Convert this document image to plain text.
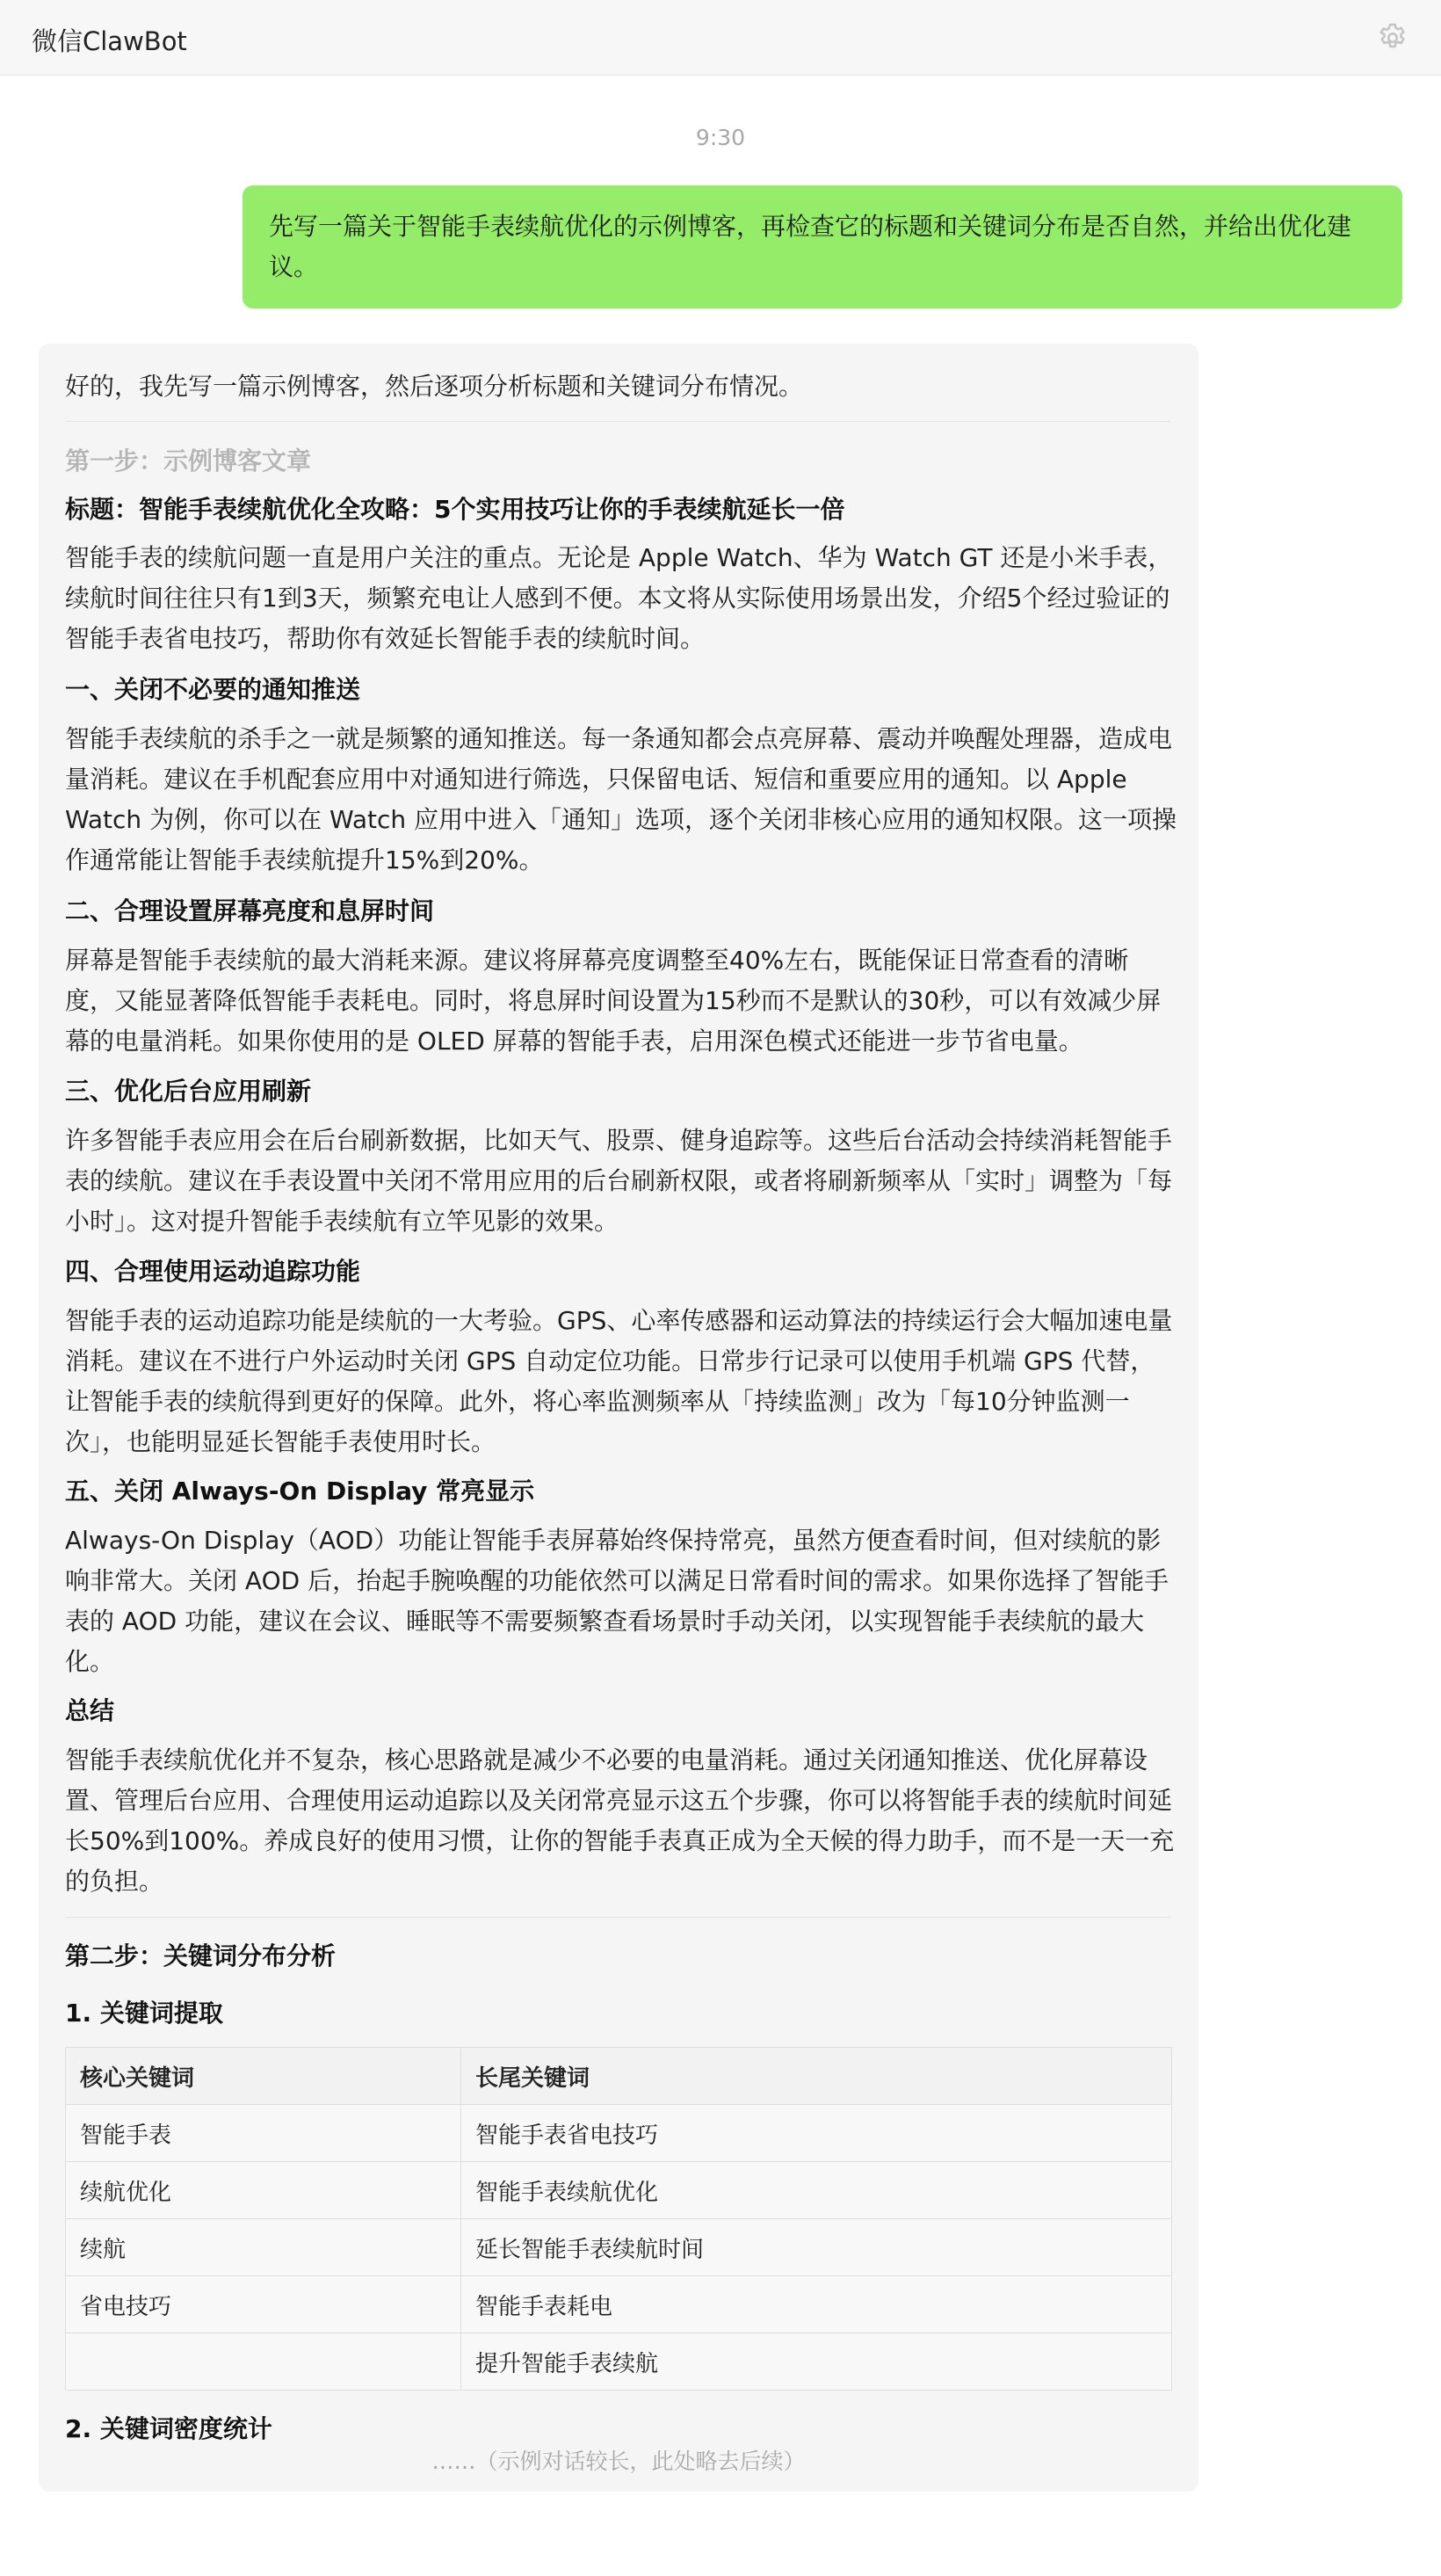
微信ClawBot
9:30
先写一篇关于智能手表续航优化的示例博客，再检查它的标题和关键词分布是否自然，并给出优化建
议。
好的，我先写一篇示例博客，然后逐项分析标题和关键词分布情况。
第一步：示例博客文章
标题：智能手表续航优化全攻略：5个实用技巧让你的手表续航延长一倍
智能手表的续航问题一直是用户关注的重点。无论是 Apple Watch、华为 Watch GT 还是小米手表，
续航时间往往只有1到3天，频繁充电让人感到不便。本文将从实际使用场景出发，介绍5个经过验证的
智能手表省电技巧，帮助你有效延长智能手表的续航时间。
一、关闭不必要的通知推送
智能手表续航的杀手之一就是频繁的通知推送。每一条通知都会点亮屏幕、震动并唤醒处理器，造成电
量消耗。建议在手机配套应用中对通知进行筛选，只保留电话、短信和重要应用的通知。以 Apple
Watch 为例，你可以在 Watch 应用中进入「通知」选项，逐个关闭非核心应用的通知权限。这一项操
作通常能让智能手表续航提升15%到20%。
二、合理设置屏幕亮度和息屏时间
屏幕是智能手表续航的最大消耗来源。建议将屏幕亮度调整至40%左右，既能保证日常查看的清晰
度，又能显著降低智能手表耗电。同时，将息屏时间设置为15秒而不是默认的30秒，可以有效减少屏
幕的电量消耗。如果你使用的是 OLED 屏幕的智能手表，启用深色模式还能进一步节省电量。
三、优化后台应用刷新
许多智能手表应用会在后台刷新数据，比如天气、股票、健身追踪等。这些后台活动会持续消耗智能手
表的续航。建议在手表设置中关闭不常用应用的后台刷新权限，或者将刷新频率从「实时」调整为「每
小时」。这对提升智能手表续航有立竿见影的效果。
四、合理使用运动追踪功能
智能手表的运动追踪功能是续航的一大考验。GPS、心率传感器和运动算法的持续运行会大幅加速电量
消耗。建议在不进行户外运动时关闭 GPS 自动定位功能。日常步行记录可以使用手机端 GPS 代替，
让智能手表的续航得到更好的保障。此外，将心率监测频率从「持续监测」改为「每10分钟监测一
次」，也能明显延长智能手表使用时长。
五、关闭 Always-On Display 常亮显示
Always-On Display（AOD）功能让智能手表屏幕始终保持常亮，虽然方便查看时间，但对续航的影
响非常大。关闭 AOD 后，抬起手腕唤醒的功能依然可以满足日常看时间的需求。如果你选择了智能手
表的 AOD 功能，建议在会议、睡眠等不需要频繁查看场景时手动关闭，以实现智能手表续航的最大
化。
总结
智能手表续航优化并不复杂，核心思路就是减少不必要的电量消耗。通过关闭通知推送、优化屏幕设
置、管理后台应用、合理使用运动追踪以及关闭常亮显示这五个步骤，你可以将智能手表的续航时间延
长50%到100%。养成良好的使用习惯，让你的智能手表真正成为全天候的得力助手，而不是一天一充
的负担。
第二步：关键词分布分析
1. 关键词提取
核心关键词	长尾关键词
智能手表	智能手表省电技巧
续航优化	智能手表续航优化
续航	延长智能手表续航时间
省电技巧	智能手表耗电
	提升智能手表续航
2. 关键词密度统计
……（示例对话较长，此处略去后续）
